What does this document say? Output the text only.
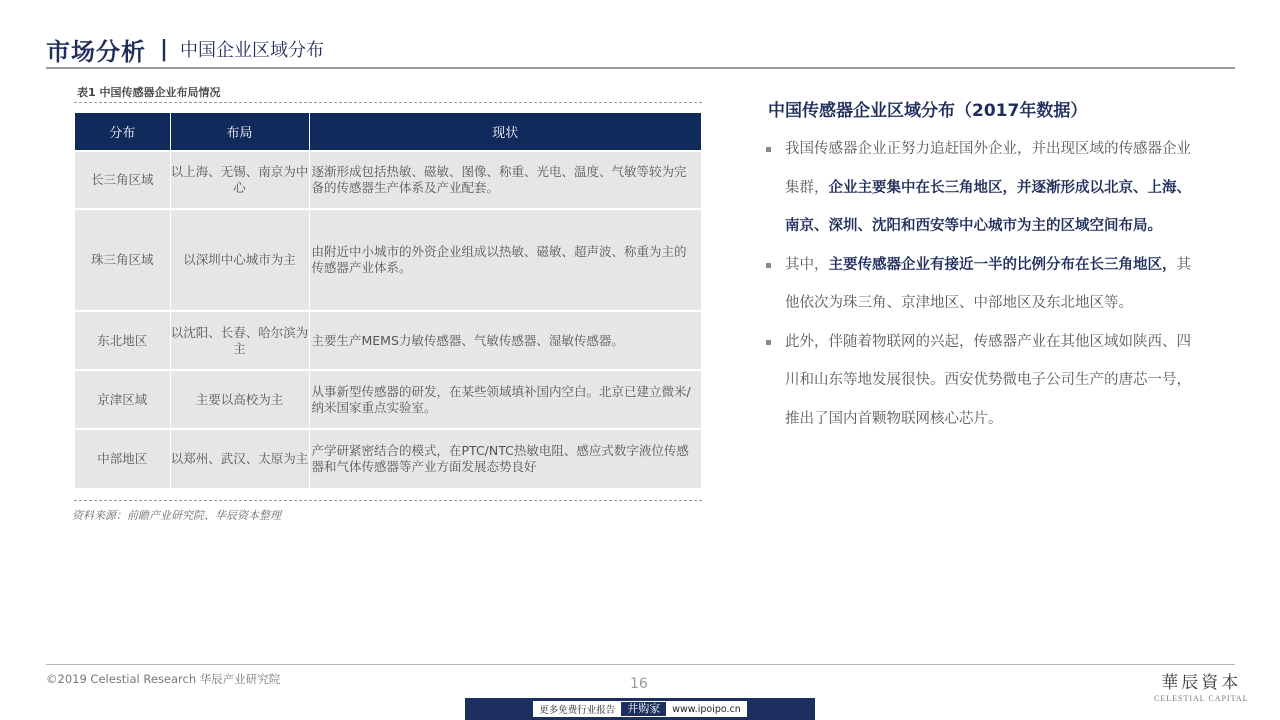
市场分析 | 中国企业区域分布
表1 中国传感器企业布局情况
分布	布局	现状
长三角区域	以上海、无锡、南京为中心	逐渐形成包括热敏、磁敏、图像、称重、光电、温度、气敏等较为完备的传感器生产体系及产业配套。
珠三角区域	以深圳中心城市为主	由附近中小城市的外资企业组成以热敏、磁敏、超声波、称重为主的传感器产业体系。
东北地区	以沈阳、长春、哈尔滨为主	主要生产MEMS力敏传感器、气敏传感器、湿敏传感器。
京津区域	主要以高校为主	从事新型传感器的研发，在某些领域填补国内空白。北京已建立微米/纳米国家重点实验室。
中部地区	以郑州、武汉、太原为主	产学研紧密结合的模式，在PTC/NTC热敏电阻、感应式数字液位传感器和气体传感器等产业方面发展态势良好
资料来源：前瞻产业研究院、华辰资本整理
中国传感器企业区域分布（2017年数据）
我国传感器企业正努力追赶国外企业，并出现区域的传感器企业集群，企业主要集中在长三角地区，并逐渐形成以北京、上海、南京、深圳、沈阳和西安等中心城市为主的区域空间布局。
其中，主要传感器企业有接近一半的比例分布在长三角地区，其他依次为珠三角、京津地区、中部地区及东北地区等。
此外，伴随着物联网的兴起，传感器产业在其他区域如陕西、四川和山东等地发展很快。西安优势微电子公司生产的唐芯一号，推出了国内首颗物联网核心芯片。
©2019 Celestial Research 华辰产业研究院	16	華辰資本
CELESTIAL CAPITAL
更多免费行业报告	井购家	www.ipoipo.cn
